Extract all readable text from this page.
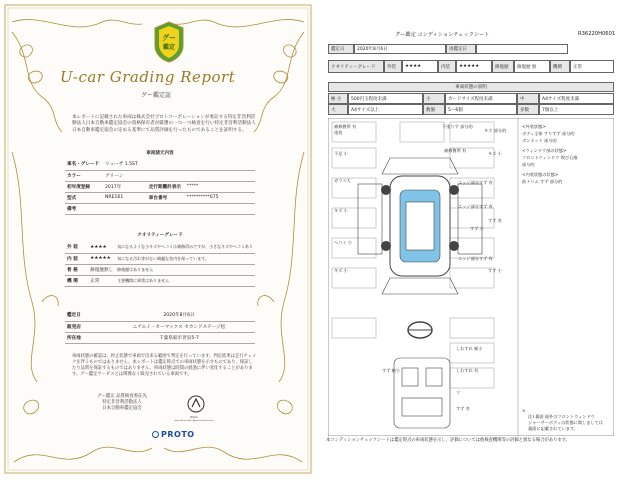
グー
鑑定
U-car Grading Report
グー鑑定証
本レポートに記載された車両は株式会社プロトコーポレーションが委託する特定非営利活動法人日本自動車鑑定協会の資格保有者が厳選の一つ一つ検査を行い特定非営利活動法人日本自動車鑑定協会の定める基準にて品質評価を行ったものであることを証明する。
車両諸元内容
車名・グレード	リューザ 1.5ST		
カラー	グリーン		
初年度登録	2017年	走行距離計表示	*****
型式	NRE161	車台番号	**********075
備考			
クオリティーグレード
外 装	★★★★	気になるような小キズやヘコミは補修済みですが、小さなキズやヘコミあり
内 装	★★★★★	気になる汚れ等がない綺麗な室内を保っています。
骨 格	修復歴無し	修復歴はありません
機 関	正常	主要機関に異常はありません
鑑定日	2020年8月6日
販売店	ニチエイ・カーマックス セカンドステージ松
所在地	千葉県船市習泉5-7
車両状態の確認は、停止状態で車両で出来る範囲で判定を行っています。判定結果は走行チェックを伴うものではありません。本レポートは鑑定時点での車両状態を示すものであり、保証したり品質を保証するものではありません。車両状態は時間の経過に伴い変化することがあります。グー鑑定サービスとは関係なく販売されている車両です。
グー鑑定 品質検査委託先
特定非営利活動法人
日本自動車鑑定協会
JMAA
Japan Automobile Appraisal Association
PROTO
グー鑑定 コンディションチェックシート	R36220H0601
鑑定日	2020年8月6日	再鑑定日
クオリティーグレード	外装	★★★★	内装	★★★★★	修復歴	修復歴 無	機関	正常
車両状態の説明
極 小	500円玉程度未満	小	カードサイズ程度未満	中	A4サイズ程度未満
大	A4サイズ以上	数個	5〜6個	多数	7個以上
補修箇所 有
塗装
下塗りず 部分的
キズ 部分的
不足 小
補修箇所 有
キズ 小
ガラス大	エッジ部分すず 有
キズ 小
エッジ部分すず 有
すず 有
すず 小
ヘコミ 小
エッジ部分すず 有
キズ 小	すず 小
しわすれ 極小
しわすれ 有
すず 極小
ツ
すず 有
<外装状態>
ボディ全体 すりすず 部分的
ボンネット 部分的
<ウィンドウ部の状態>
フロントウィンドウ 飛び石痕
部分的
<内装状態の状態>
前トリム すず 部分的
×
注) 裏面 現外のフロントウィンドウ
シャーサーボディの状態に関しましては
裏面に記載されています。
本コンディションチェックシートは鑑定時点の車両状態を示し、評価については他検査機関等の評価と異なる場合があります。
